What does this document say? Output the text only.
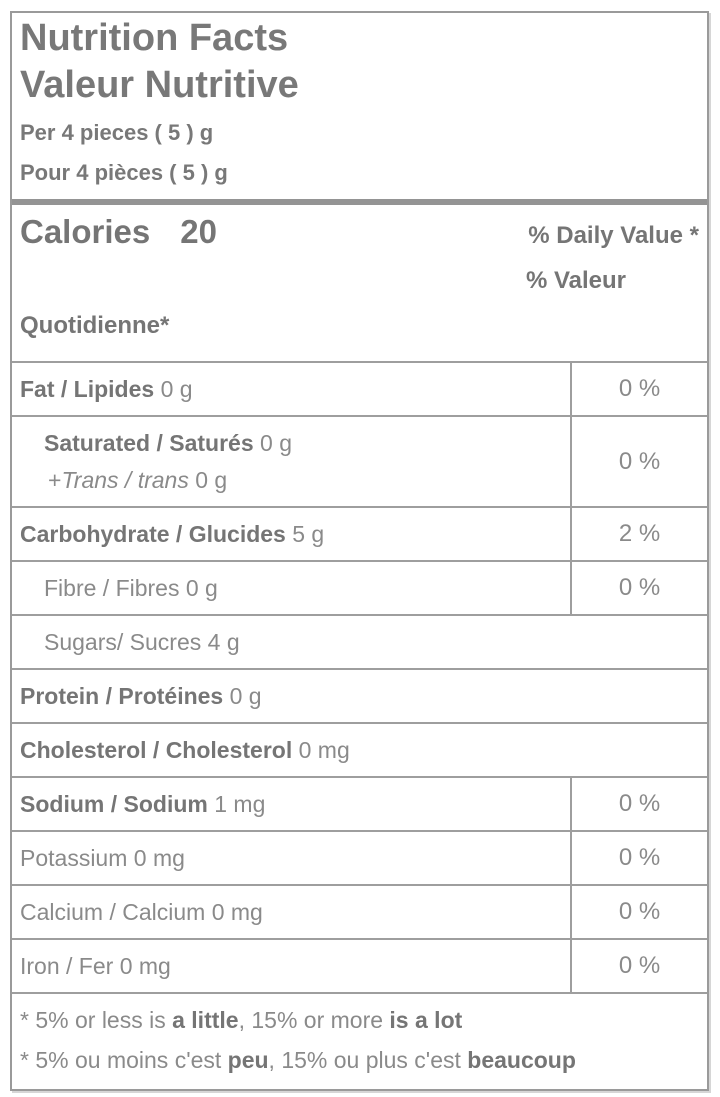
Nutrition Facts
Valeur Nutritive
Per 4 pieces ( 5 ) g
Pour 4 pièces ( 5 ) g
Calories 20	% Daily Value *
% Valeur
Quotidienne*
Fat / Lipides 0 g	0 %
Saturated / Saturés 0 g
+Trans / trans 0 g
0 %
Carbohydrate / Glucides 5 g	2 %
Fibre / Fibres 0 g	0 %
Sugars/ Sucres 4 g
Protein / Protéines 0 g
Cholesterol / Cholesterol 0 mg
Sodium / Sodium 1 mg	0 %
Potassium 0 mg	0 %
Calcium / Calcium 0 mg	0 %
Iron / Fer 0 mg	0 %
* 5% or less is a little, 15% or more is a lot
* 5% ou moins c'est peu, 15% ou plus c'est beaucoup
